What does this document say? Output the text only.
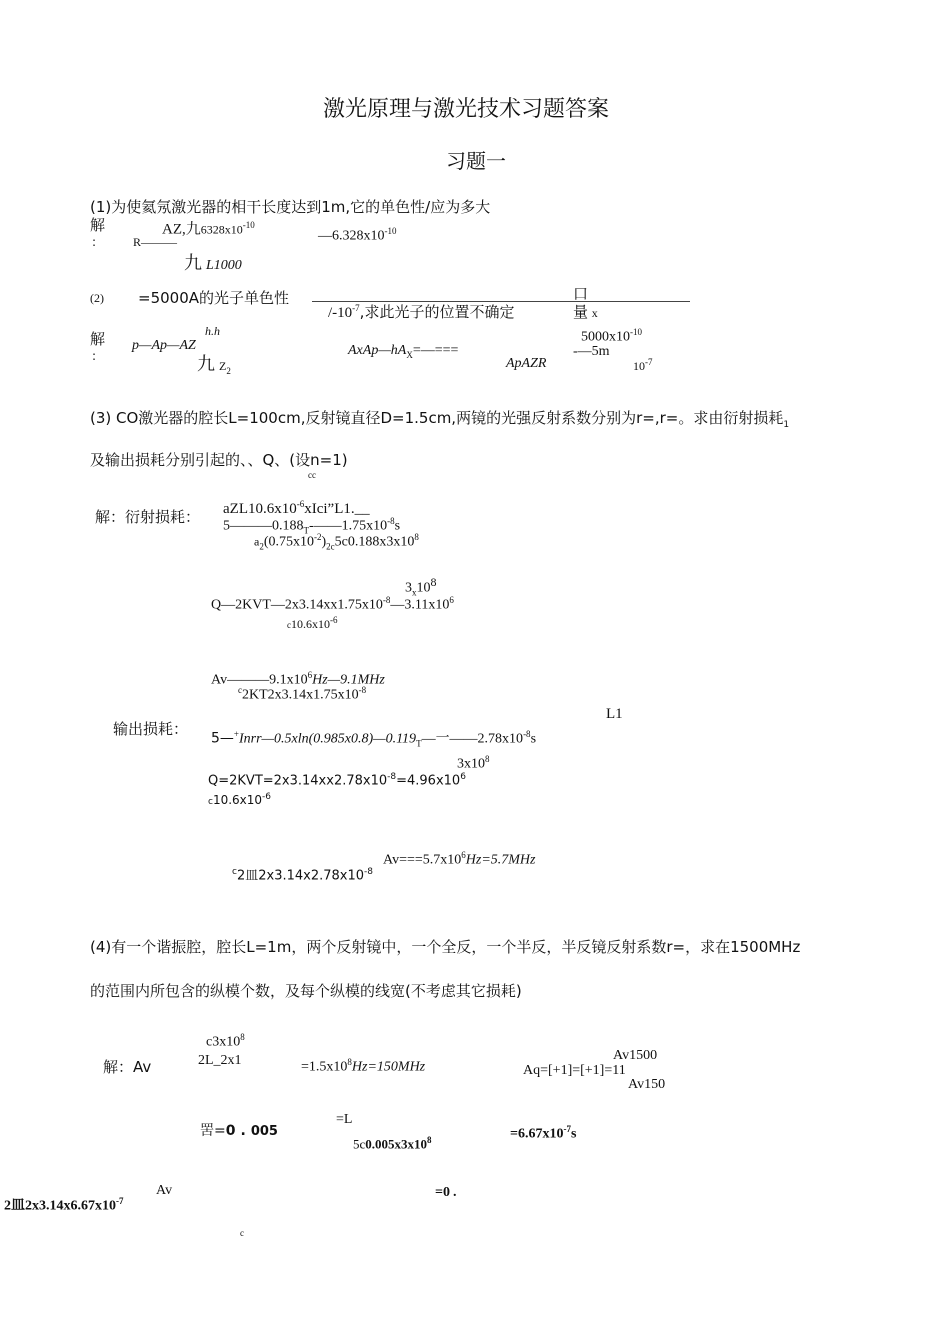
激光原理与激光技术习题答案
习题一
(1)为使氦氖激光器的相干长度达到1m,它的单色性/应为多大
解
:
AZ,九$6328x10^{-10}$
$—6.328x10^{-10}$
R———
九 L1000
(2) =5000A的光子单色性
$/-10^{-7}$,求此光子的位置不确定
口
量 x
解
:
h.h
p—Ap—AZ	$AxAp—hA_X=—===$
ApAZR
$5000x10^{-10}$
-—5m
九 $Z_2$	$10^{-7}$
(3) CO激光器的腔长L=100cm,反射镜直径D=1.5cm,两镜的光强反射系数分别为r=,r=。求由衍射损耗$_1$
及输出损耗分别引起的、、Q、(设n=1)
cc
解：衍射损耗： $aZL10.6x10^{-6}xIci”L1.\_\_$
$5———0.188_T-——1.75x10^{-8}s$
$a_2(0.75x10^{-2})_{2c}5c0.188x3x10^8$
$3_x10^8$
$Q—2KVT—2x3.14xx1.75x10^{-8}—3.11x10^6$
$c10.6x10^{-6}$
$Av———9.1x10^6Hz—9.1MHz$
$^c2KT2x3.14x1.75x10^{-8}$
输出损耗：
L1
$5—^+Inrr—0.5xln(0.985x0.8)—0.119_T—$一$——2.78x10^{-8}s$
$3x10^8$
$Q=2KVT=2x3.14xx2.78x10^{-8}=4.96x10^6$
$c10.6x10^{-6}$
$Av===5.7x10^6Hz=5.7MHz$
$^c$2皿$2x3.14x2.78x10^{-8}$
(4)有一个谐振腔，腔长L=1m，两个反射镜中，一个全反，一个半反，半反镜反射系数r=，求在1500MHz
的范围内所包含的纵模个数，及每个纵模的线宽(不考虑其它损耗)
$c3x10^8$
2L_2x1
解：Av	$=1.5x10^8Hz=150MHz$
Av1500
Aq=[+1]=[+1]=11
Av150
罟=0 . 005
=L
$5c0.005x3x10^8$	$=6.67x10^{-7}s$
Av	=0 .
2皿$2x3.14x6.67x10^{-7}$
c
